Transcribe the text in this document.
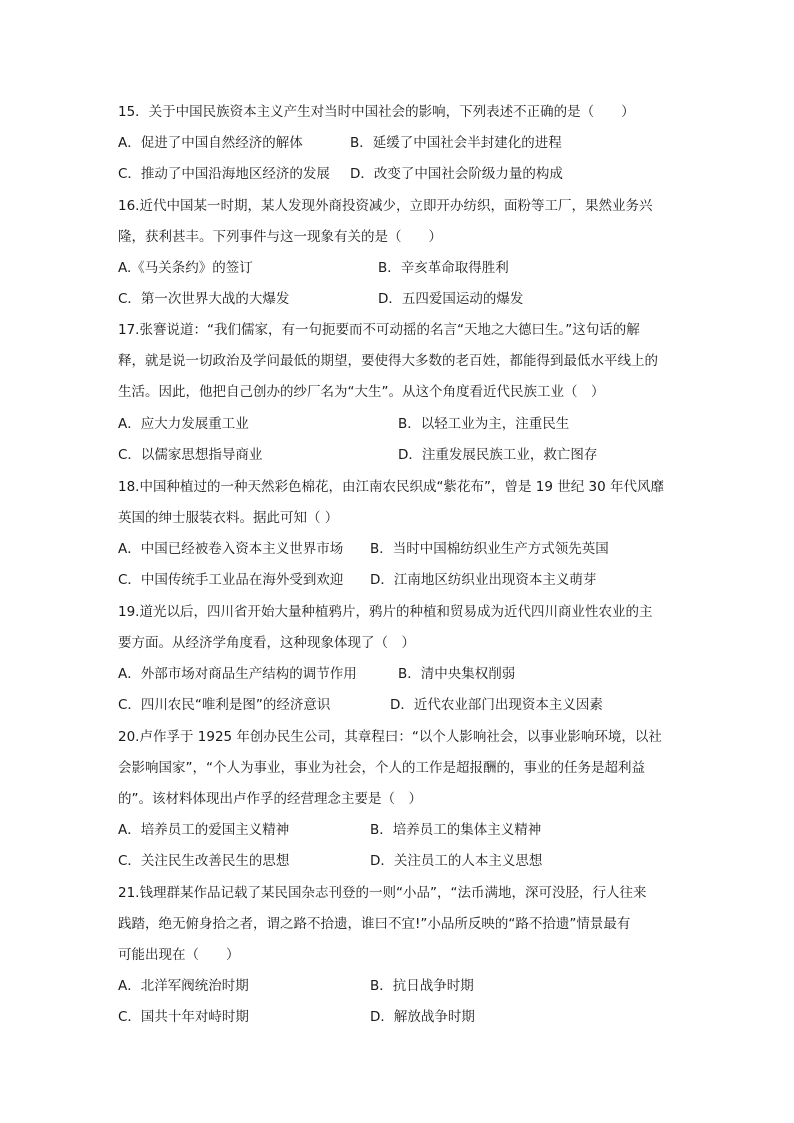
15．关于中国民族资本主义产生对当时中国社会的影响，下列表述不正确的是（　　）
A．促进了中国自然经济的解体	B．延缓了中国社会半封建化的进程
C．推动了中国沿海地区经济的发展 D．改变了中国社会阶级力量的构成
16.近代中国某一时期，某人发现外商投资减少，立即开办纺织，面粉等工厂，果然业务兴
隆，获利甚丰。下列事件与这一现象有关的是（　　）
A.《马关条约》的签订	B．辛亥革命取得胜利
C．第一次世界大战的大爆发	D．五四爱国运动的爆发
17.张謇说道：“我们儒家，有一句扼要而不可动摇的名言“天地之大德曰生。”这句话的解
释，就是说一切政治及学问最低的期望，要使得大多数的老百姓，都能得到最低水平线上的
生活。因此，他把自己创办的纱厂名为“大生”。从这个角度看近代民族工业（　）
A．应大力发展重工业	B．以轻工业为主，注重民生
C．以儒家思想指导商业	D．注重发展民族工业，救亡图存
18.中国种植过的一种天然彩色棉花，由江南农民织成“紫花布”，曾是 19 世纪 30 年代风靡
英国的绅士服装衣料。据此可知（ ）
A．中国已经被卷入资本主义世界市场 B．当时中国棉纺织业生产方式领先英国
C．中国传统手工业品在海外受到欢迎 D．江南地区纺织业出现资本主义萌芽
19.道光以后，四川省开始大量种植鸦片，鸦片的种植和贸易成为近代四川商业性农业的主
要方面。从经济学角度看，这种现象体现了（　）
A．外部市场对商品生产结构的调节作用	B．清中央集权削弱
C．四川农民“唯利是图”的经济意识	D．近代农业部门出现资本主义因素
20.卢作孚于 1925 年创办民生公司，其章程曰：“以个人影响社会，以事业影响环境，以社
会影响国家”，“个人为事业，事业为社会，个人的工作是超报酬的，事业的任务是超利益
的”。该材料体现出卢作孚的经营理念主要是（　）
A．培养员工的爱国主义精神	B．培养员工的集体主义精神
C．关注民生改善民生的思想	D．关注员工的人本主义思想
21.钱理群某作品记载了某民国杂志刊登的一则“小品”，“法币满地，深可没胫，行人往来
践踏，绝无俯身拾之者，谓之路不拾遗，谁曰不宜!”小品所反映的“路不拾遗”情景最有
可能出现在（　　）
A．北洋军阀统治时期	B．抗日战争时期
C．国共十年对峙时期	D．解放战争时期
